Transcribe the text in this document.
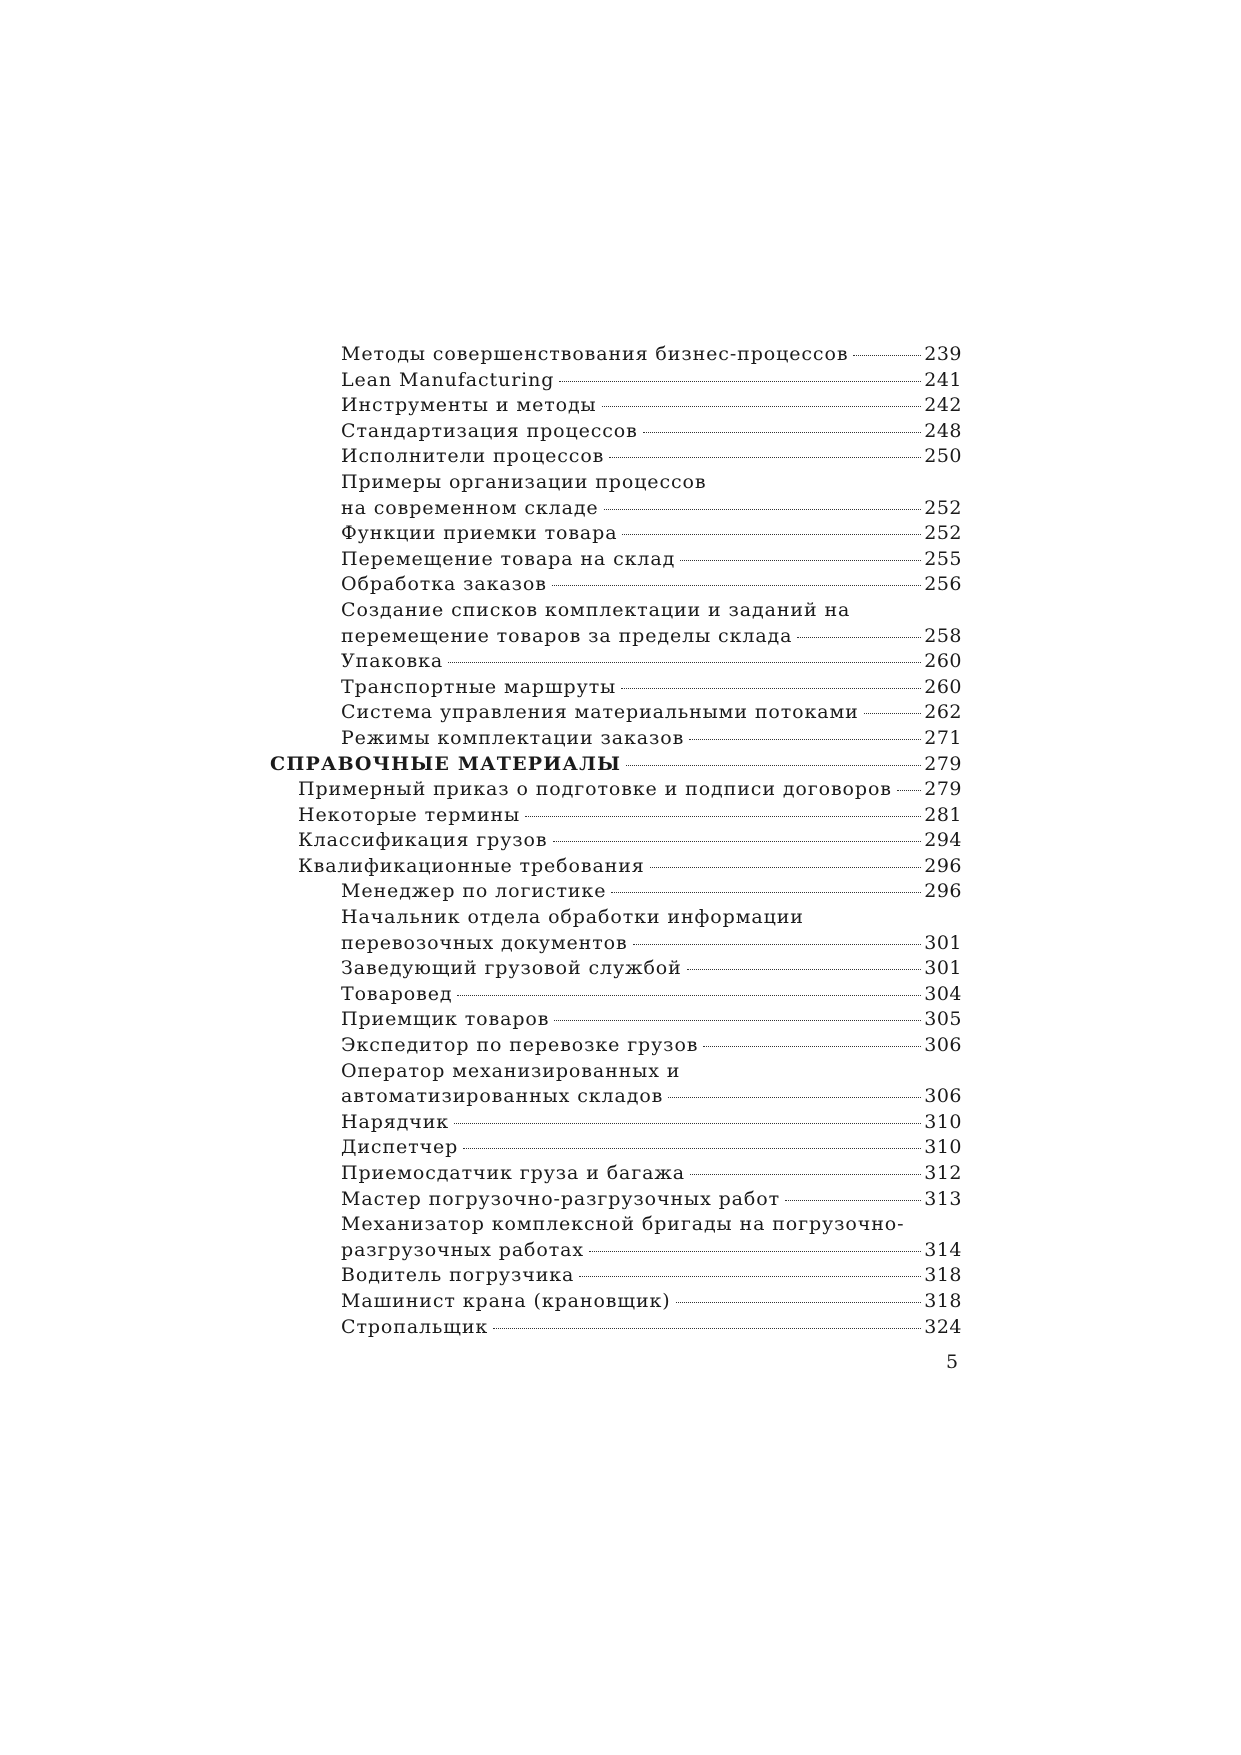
Методы совершенствования бизнес-процессов	239
Lean Manufacturing	241
Инструменты и методы	242
Стандартизация процессов	248
Исполнители процессов	250
Примеры организации процессов
на современном складе	252
Функции приемки товара	252
Перемещение товара на склад	255
Обработка заказов	256
Создание списков комплектации и заданий на
перемещение товаров за пределы склада	258
Упаковка	260
Транспортные маршруты	260
Система управления материальными потоками	262
Режимы комплектации заказов	271
СПРАВОЧНЫЕ МАТЕРИАЛЫ	279
Примерный приказ о подготовке и подписи договоров 279
Некоторые термины	281
Классификация грузов	294
Квалификационные требования	296
Менеджер по логистике	296
Начальник отдела обработки информации
перевозочных документов	301
Заведующий грузовой службой	301
Товаровед	304
Приемщик товаров	305
Экспедитор по перевозке грузов	306
Оператор механизированных и
автоматизированных складов	306
Нарядчик	310
Диспетчер	310
Приемосдатчик груза и багажа	312
Мастер погрузочно-разгрузочных работ	313
Механизатор комплексной бригады на погрузочно-
разгрузочных работах	314
Водитель погрузчика	318
Машинист крана (крановщик)	318
Стропальщик	324
5
